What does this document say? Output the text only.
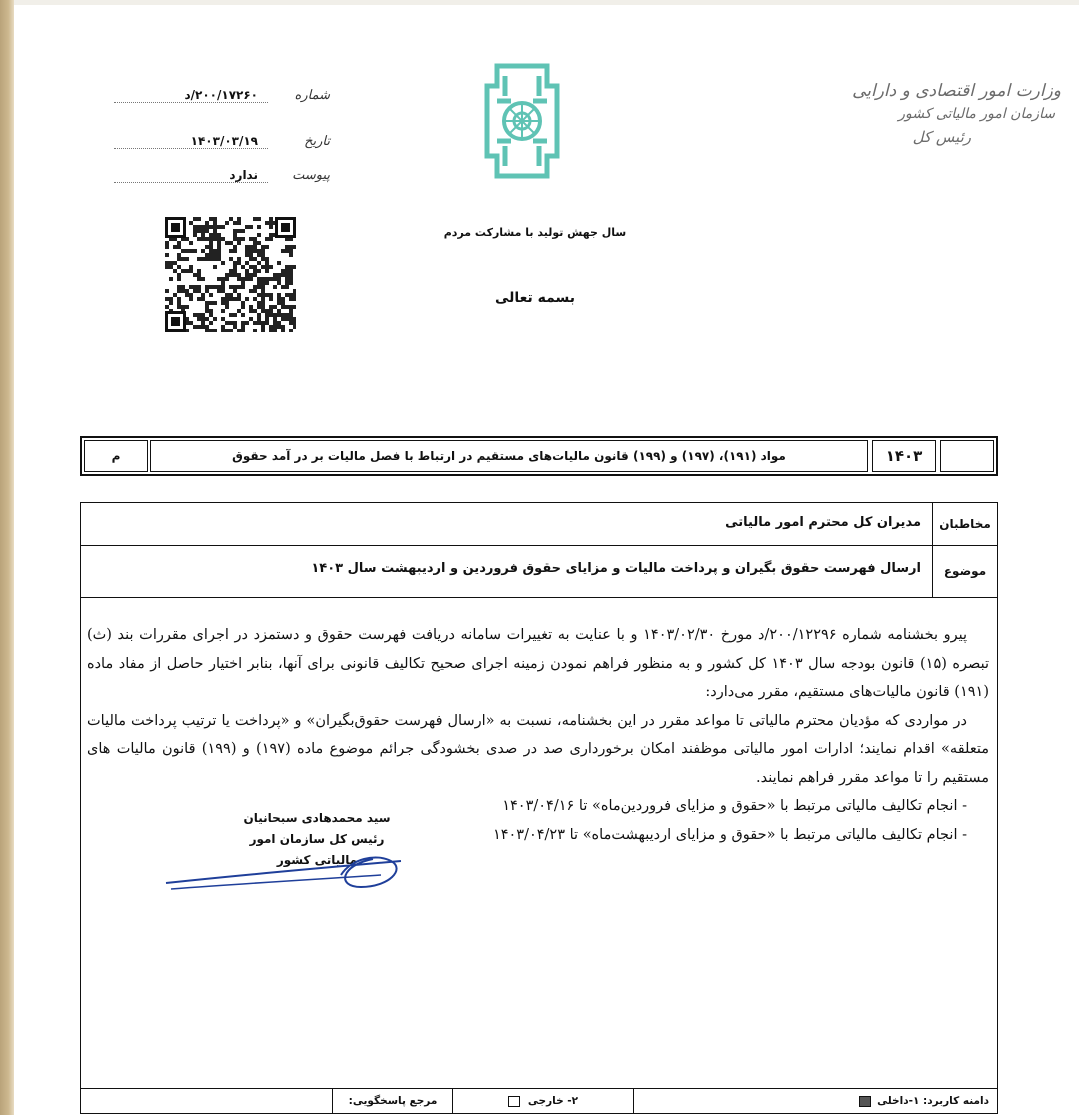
وزارت امور اقتصادی و دارایی
سازمان امور مالیاتی کشور
رئیس کل
سال جهش تولید با مشارکت مردم
بسمه تعالی
شماره
۲۰۰/۱۷۲۶۰/د
تاریخ
۱۴۰۳/۰۳/۱۹
پیوست
ندارد
۱۴۰۳
مواد (۱۹۱)، (۱۹۷) و (۱۹۹) قانون مالیات‌های مستقیم در ارتباط با فصل مالیات بر در آمد حقوق
م
مخاطبان
مدیران کل محترم امور مالیاتی
موضوع
ارسال فهرست حقوق بگیران و پرداخت مالیات و مزایای حقوق فروردین و اردیبهشت سال ۱۴۰۳

پیرو بخشنامه شماره ۲۰۰/۱۲۲۹۶/د مورخ ۱۴۰۳/۰۲/۳۰ و با عنایت به تغییرات سامانه دریافت فهرست حقوق و دستمزد در اجرای مقررات بند (ث) تبصره (۱۵) قانون بودجه سال ۱۴۰۳ کل کشور و به منظور فراهم نمودن زمینه اجرای صحیح تکالیف قانونی برای آنها، بنابر اختیار حاصل از مفاد ماده (۱۹۱) قانون مالیات‌های مستقیم، مقرر می‌دارد:

در مواردی که مؤدیان محترم مالیاتی تا مواعد مقرر در این بخشنامه، نسبت به «ارسال فهرست حقوق‌بگیران» و «پرداخت یا ترتیب پرداخت مالیات متعلقه» اقدام نمایند؛ ادارات امور مالیاتی موظفند امکان برخورداری صد در صدی بخشودگی جرائم موضوع ماده (۱۹۷) و (۱۹۹) قانون مالیات های مستقیم را تا مواعد مقرر فراهم نمایند.

- انجام تکالیف مالیاتی مرتبط با «حقوق و مزایای فروردین‌ماه» تا ۱۴۰۳/۰۴/۱۶

- انجام تکالیف مالیاتی مرتبط با «حقوق و مزایای اردیبهشت‌ماه» تا ۱۴۰۳/۰۴/۲۳

سید محمدهادی سبحانیان
رئیس کل سازمان امور مالیاتی کشور
دامنه کاربرد: ۱-داخلی
۲- خارجی
مرجع پاسخگویی:
